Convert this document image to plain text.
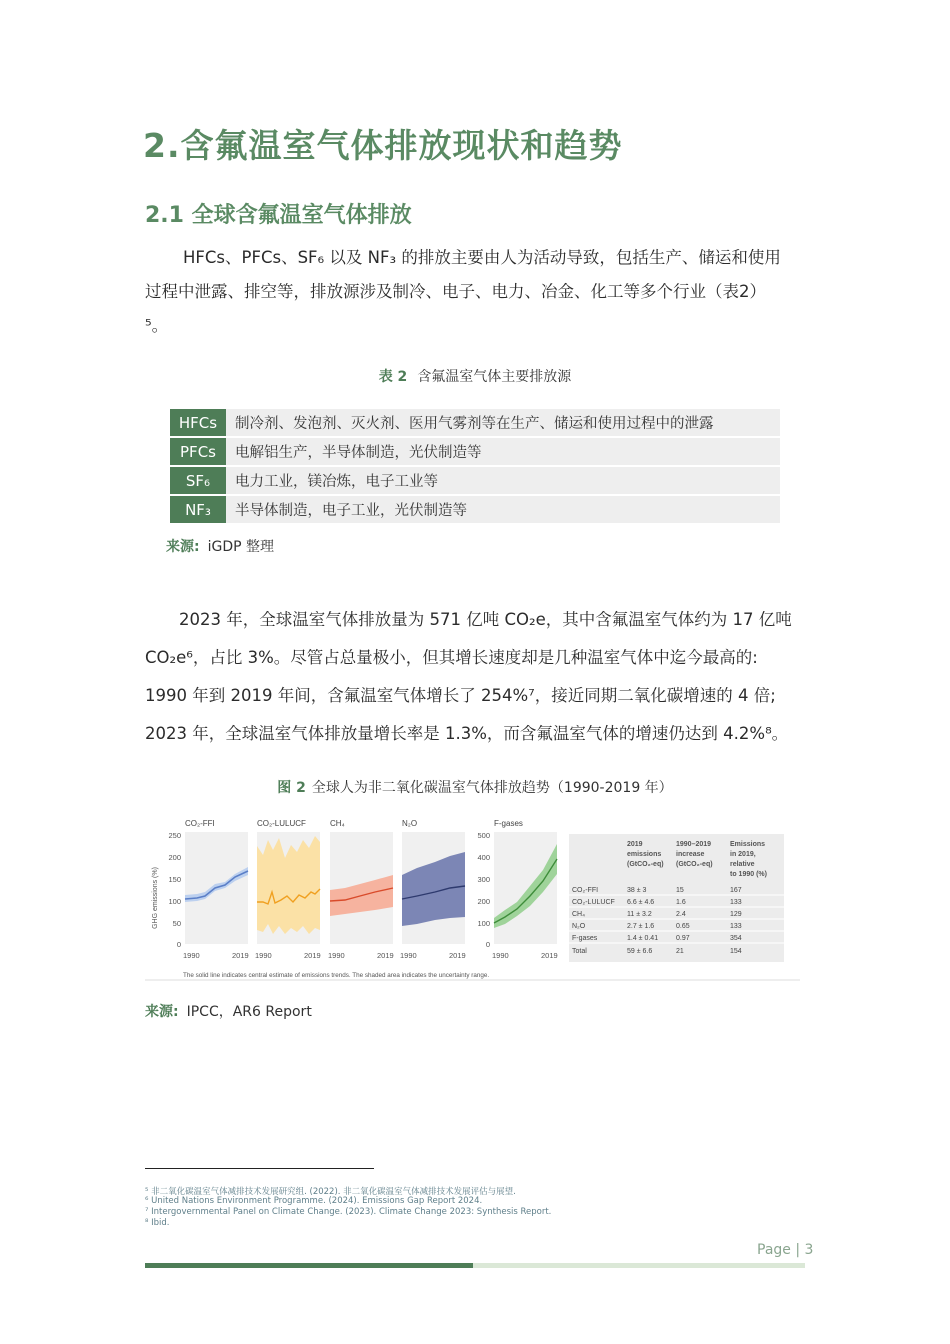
2.含氟温室气体排放现状和趋势
2.1 全球含氟温室气体排放
HFCs、PFCs、SF₆ 以及 NF₃ 的排放主要由人为活动导致，包括生产、储运和使用
过程中泄露、排空等，排放源涉及制冷、电子、电力、冶金、化工等多个行业（表2）
⁵。
表 2 含氟温室气体主要排放源
HFCs	制冷剂、发泡剂、灭火剂、医用气雾剂等在生产、储运和使用过程中的泄露
PFCs	电解铝生产，半导体制造，光伏制造等
SF₆	电力工业，镁冶炼，电子工业等
NF₃	半导体制造，电子工业，光伏制造等
来源: iGDP 整理
2023 年，全球温室气体排放量为 571 亿吨 CO₂e，其中含氟温室气体约为 17 亿吨
CO₂e⁶，占比 3%。尽管占总量极小，但其增长速度却是几种温室气体中迄今最高的:
1990 年到 2019 年间，含氟温室气体增长了 254%⁷，接近同期二氧化碳增速的 4 倍;
2023 年，全球温室气体排放量增长率是 1.3%，而含氟温室气体的增速仍达到 4.2%⁸。
图 2 全球人为非二氧化碳温室气体排放趋势（1990-2019 年）
GHG emissions (%)
250
200
150
100
50
0
500
400
300
200
100
0
CO₂-FFI	CO₂-LULUCF	CH₄	N₂O	F-gases
1990	2019 1990	2019 1990	2019 1990	2019	1990	2019
The solid line indicates central estimate of emissions trends. The shaded area indicates the uncertainty range.
2019
emissions
(GtCO₂-eq)
1990–2019
increase
(GtCO₂-eq)
Emissions
in 2019,
relative
to 1990 (%)
CO₂-FFI	38 ± 3	15	167
CO₂-LULUCF 6.6 ± 4.6	1.6	133
CH₄	11 ± 3.2	2.4	129
N₂O	2.7 ± 1.6	0.65	133
F-gases	1.4 ± 0.41	0.97	354
Total	59 ± 6.6	21	154
来源: IPCC，AR6 Report
⁵ 非二氧化碳温室气体减排技术发展研究组. (2022). 非二氧化碳温室气体减排技术发展评估与展望.
⁶ United Nations Environment Programme. (2024). Emissions Gap Report 2024.
⁷ Intergovernmental Panel on Climate Change. (2023). Climate Change 2023: Synthesis Report.
⁸ Ibid.
Page | 3
